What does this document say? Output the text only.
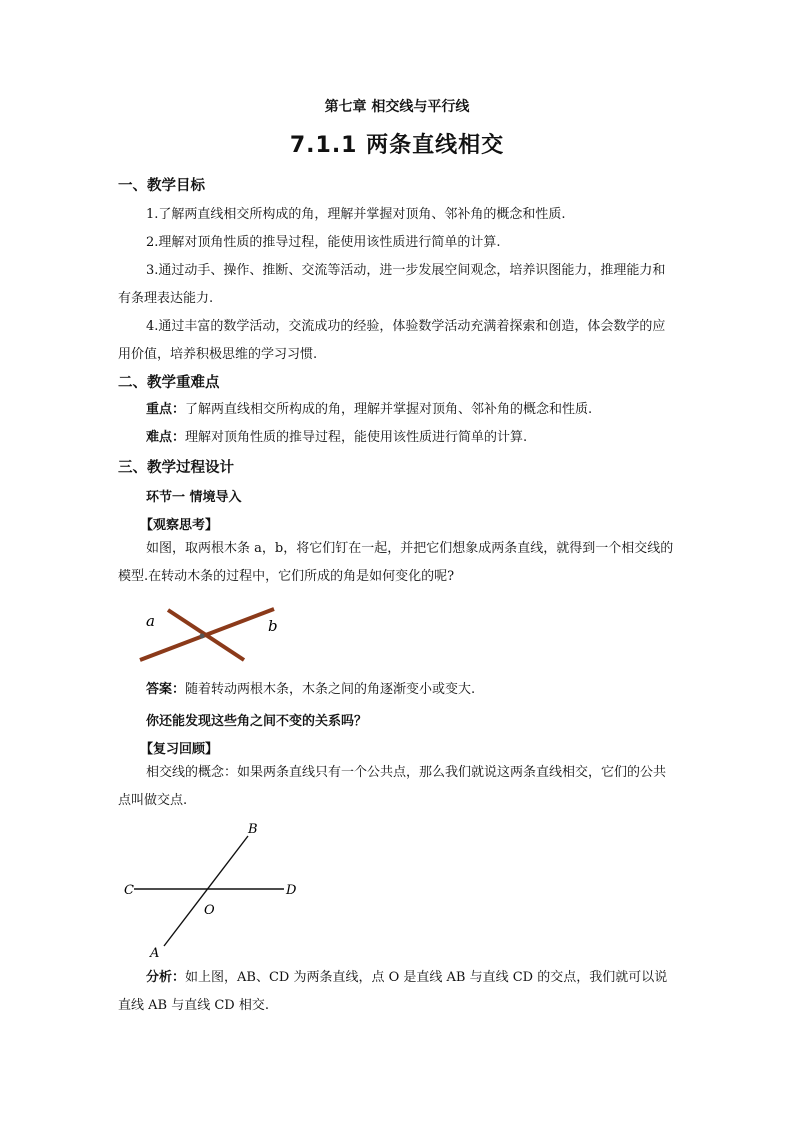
第七章 相交线与平行线
7.1.1 两条直线相交
一、教学目标
1.了解两直线相交所构成的角，理解并掌握对顶角、邻补角的概念和性质.
2.理解对顶角性质的推导过程，能使用该性质进行简单的计算.
3.通过动手、操作、推断、交流等活动，进一步发展空间观念，培养识图能力，推理能力和有条理表达能力.
4.通过丰富的数学活动，交流成功的经验，体验数学活动充满着探索和创造，体会数学的应用价值，培养积极思维的学习习惯.
二、教学重难点
重点：了解两直线相交所构成的角，理解并掌握对顶角、邻补角的概念和性质.
难点：理解对顶角性质的推导过程，能使用该性质进行简单的计算.
三、教学过程设计
环节一 情境导入
【观察思考】
如图，取两根木条 a，b，将它们钉在一起，并把它们想象成两条直线，就得到一个相交线的模型.在转动木条的过程中，它们所成的角是如何变化的呢?
a	b
答案：随着转动两根木条，木条之间的角逐渐变小或变大.
你还能发现这些角之间不变的关系吗？
【复习回顾】
相交线的概念：如果两条直线只有一个公共点，那么我们就说这两条直线相交，它们的公共点叫做交点.
B
C	D
O
A
分析：如上图，AB、CD 为两条直线，点 O 是直线 AB 与直线 CD 的交点，我们就可以说直线 AB 与直线 CD 相交.
